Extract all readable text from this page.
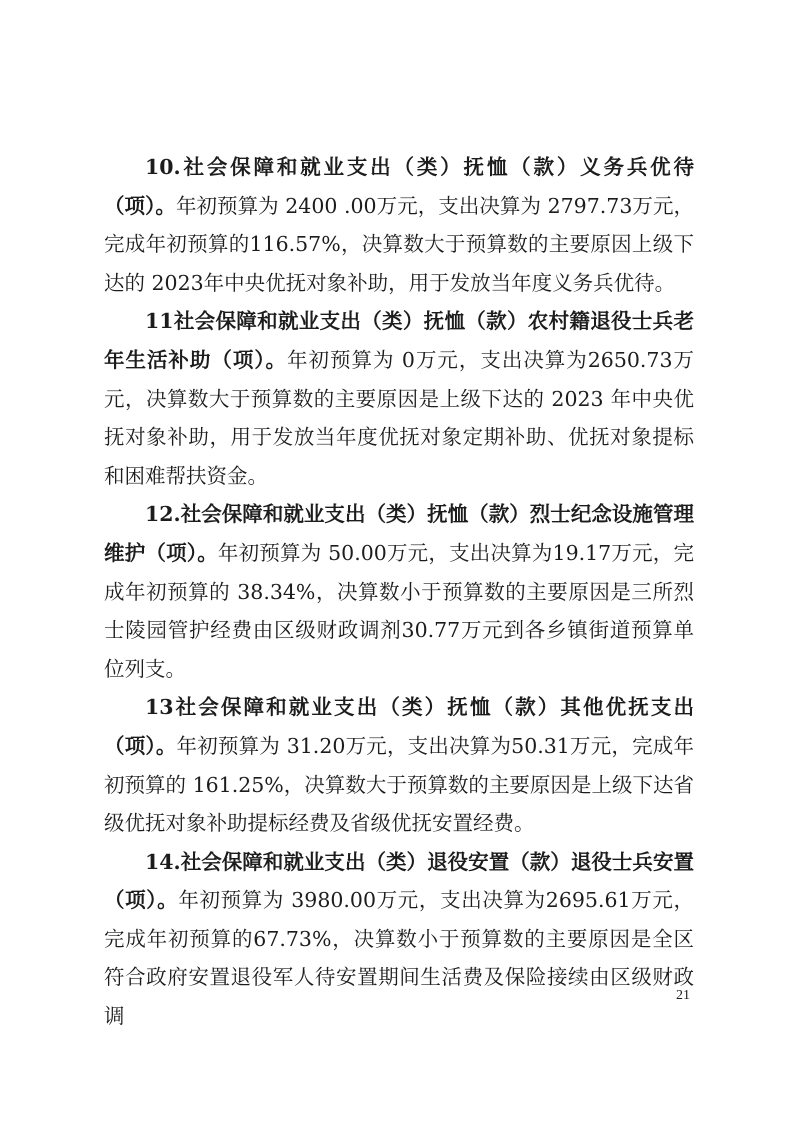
10.社会保障和就业支出（类）抚恤（款）义务兵优待（项）。年初预算为 2400 .00万元，支出决算为 2797.73万元，完成年初预算的116.57%，决算数大于预算数的主要原因上级下达的 2023年中央优抚对象补助，用于发放当年度义务兵优待。

11社会保障和就业支出（类）抚恤（款）农村籍退役士兵老年生活补助（项）。年初预算为 0万元，支出决算为2650.73万元，决算数大于预算数的主要原因是上级下达的 2023 年中央优抚对象补助，用于发放当年度优抚对象定期补助、优抚对象提标和困难帮扶资金。

12.社会保障和就业支出（类）抚恤（款）烈士纪念设施管理维护（项）。年初预算为 50.00万元，支出决算为19.17万元，完成年初预算的 38.34%，决算数小于预算数的主要原因是三所烈士陵园管护经费由区级财政调剂30.77万元到各乡镇街道预算单位列支。

13社会保障和就业支出（类）抚恤（款）其他优抚支出（项）。年初预算为 31.20万元，支出决算为50.31万元，完成年初预算的 161.25%，决算数大于预算数的主要原因是上级下达省级优抚对象补助提标经费及省级优抚安置经费。

14.社会保障和就业支出（类）退役安置（款）退役士兵安置（项）。年初预算为 3980.00万元，支出决算为2695.61万元，完成年初预算的67.73%，决算数小于预算数的主要原因是全区符合政府安置退役军人待安置期间生活费及保险接续由区级财政调

21
